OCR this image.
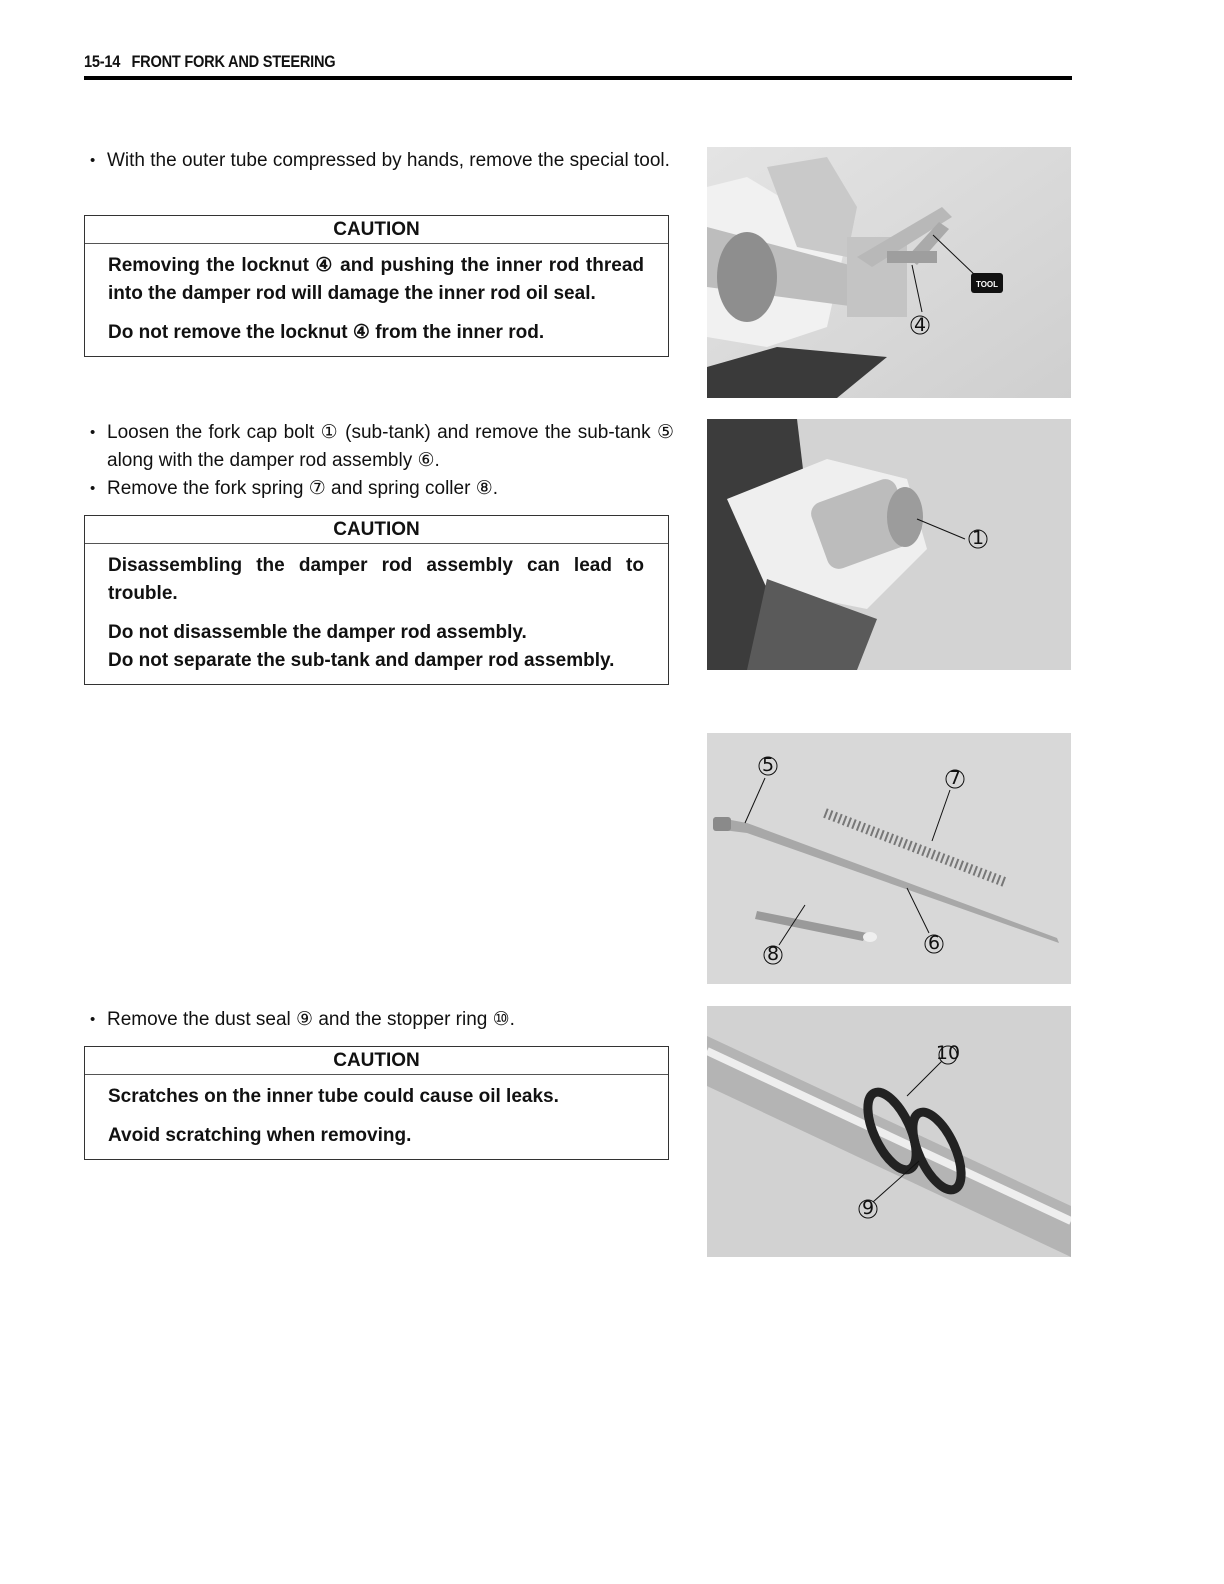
15-14   FRONT FORK AND STEERING
• With the outer tube compressed by hands, remove the special tool.
CAUTION

Removing the locknut ④ and pushing the inner rod thread into the damper rod will damage the inner rod oil seal.

Do not remove the locknut ④ from the inner rod.

• Loosen the fork cap bolt ① (sub-tank) and remove the sub-tank ⑤ along with the damper rod assembly ⑥.
• Remove the fork spring ⑦ and spring coller ⑧.
CAUTION

Disassembling the damper rod assembly can lead to trouble.

Do not disassemble the damper rod assembly.

Do not separate the sub-tank and damper rod assembly.

• Remove the dust seal ⑨ and the stopper ring ⑩.
CAUTION

Scratches on the inner tube could cause oil leaks.

Avoid scratching when removing.

4
TOOL
1
5
7
6
8
10
9
